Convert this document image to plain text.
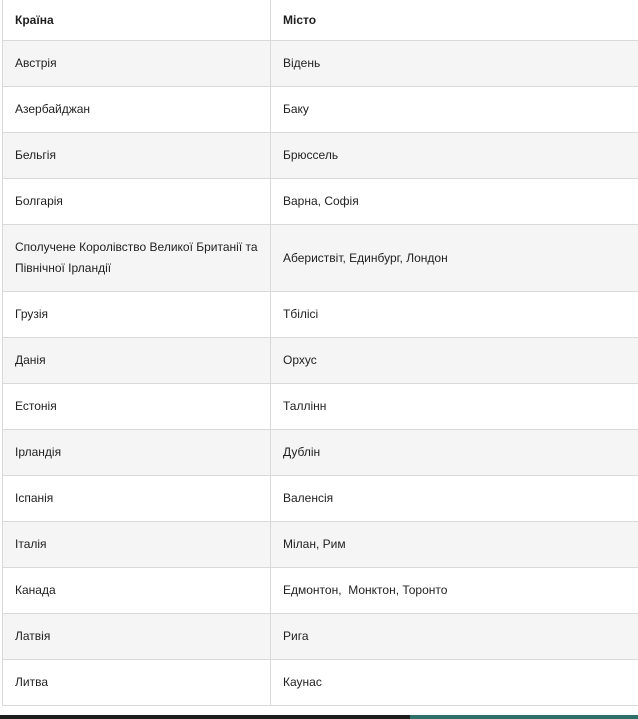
Країна	Місто
Австрія	Відень
Азербайджан	Баку
Бельгія	Брюссель
Болгарія	Варна, Софія
Сполучене Королівство Великої Британії та Північної Ірландії	Абериствіт, Единбург, Лондон
Грузія	Тбілісі
Данія	Орхус
Естонія	Таллінн
Ірландія	Дублін
Іспанія	Валенсія
Італія	Мілан, Рим
Канада	Едмонтон,  Монктон, Торонто
Латвія	Рига
Литва	Каунас
